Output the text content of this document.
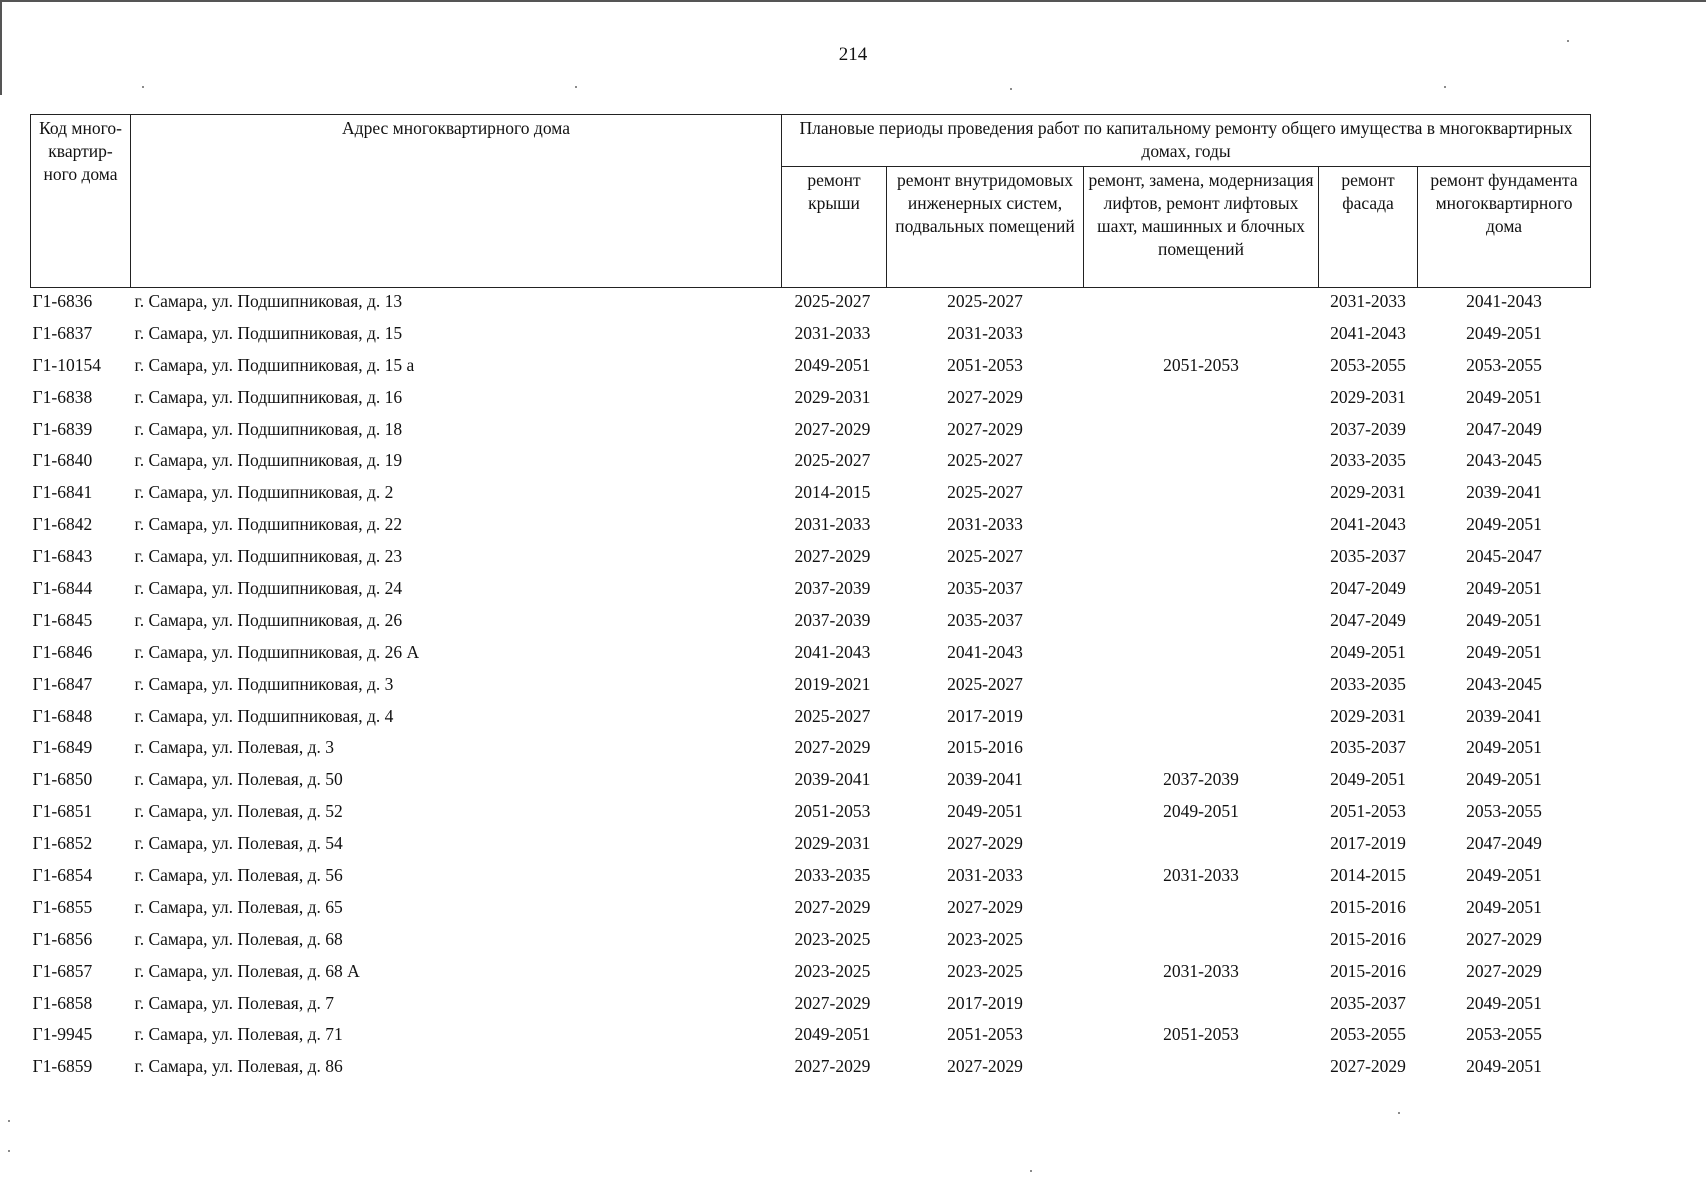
214
Код много-квартир-ного дома	Адрес многоквартирного дома	Плановые периоды проведения работ по капитальному ремонту общего имущества в многоквартирных домах, годы				
		ремонт крыши	ремонт внутридомовых инженерных систем, подвальных помещений	ремонт, замена, модернизация лифтов, ремонт лифтовых шахт, машинных и блочных помещений	ремонт фасада	ремонт фундамента многоквартирного дома
Г1-6836	г. Самара, ул. Подшипниковая, д. 13	2025-2027	2025-2027		2031-2033	2041-2043
Г1-6837	г. Самара, ул. Подшипниковая, д. 15	2031-2033	2031-2033		2041-2043	2049-2051
Г1-10154	г. Самара, ул. Подшипниковая, д. 15 а	2049-2051	2051-2053	2051-2053	2053-2055	2053-2055
Г1-6838	г. Самара, ул. Подшипниковая, д. 16	2029-2031	2027-2029		2029-2031	2049-2051
Г1-6839	г. Самара, ул. Подшипниковая, д. 18	2027-2029	2027-2029		2037-2039	2047-2049
Г1-6840	г. Самара, ул. Подшипниковая, д. 19	2025-2027	2025-2027		2033-2035	2043-2045
Г1-6841	г. Самара, ул. Подшипниковая, д. 2	2014-2015	2025-2027		2029-2031	2039-2041
Г1-6842	г. Самара, ул. Подшипниковая, д. 22	2031-2033	2031-2033		2041-2043	2049-2051
Г1-6843	г. Самара, ул. Подшипниковая, д. 23	2027-2029	2025-2027		2035-2037	2045-2047
Г1-6844	г. Самара, ул. Подшипниковая, д. 24	2037-2039	2035-2037		2047-2049	2049-2051
Г1-6845	г. Самара, ул. Подшипниковая, д. 26	2037-2039	2035-2037		2047-2049	2049-2051
Г1-6846	г. Самара, ул. Подшипниковая, д. 26 А	2041-2043	2041-2043		2049-2051	2049-2051
Г1-6847	г. Самара, ул. Подшипниковая, д. 3	2019-2021	2025-2027		2033-2035	2043-2045
Г1-6848	г. Самара, ул. Подшипниковая, д. 4	2025-2027	2017-2019		2029-2031	2039-2041
Г1-6849	г. Самара, ул. Полевая, д. 3	2027-2029	2015-2016		2035-2037	2049-2051
Г1-6850	г. Самара, ул. Полевая, д. 50	2039-2041	2039-2041	2037-2039	2049-2051	2049-2051
Г1-6851	г. Самара, ул. Полевая, д. 52	2051-2053	2049-2051	2049-2051	2051-2053	2053-2055
Г1-6852	г. Самара, ул. Полевая, д. 54	2029-2031	2027-2029		2017-2019	2047-2049
Г1-6854	г. Самара, ул. Полевая, д. 56	2033-2035	2031-2033	2031-2033	2014-2015	2049-2051
Г1-6855	г. Самара, ул. Полевая, д. 65	2027-2029	2027-2029		2015-2016	2049-2051
Г1-6856	г. Самара, ул. Полевая, д. 68	2023-2025	2023-2025		2015-2016	2027-2029
Г1-6857	г. Самара, ул. Полевая, д. 68 А	2023-2025	2023-2025	2031-2033	2015-2016	2027-2029
Г1-6858	г. Самара, ул. Полевая, д. 7	2027-2029	2017-2019		2035-2037	2049-2051
Г1-9945	г. Самара, ул. Полевая, д. 71	2049-2051	2051-2053	2051-2053	2053-2055	2053-2055
Г1-6859	г. Самара, ул. Полевая, д. 86	2027-2029	2027-2029		2027-2029	2049-2051
